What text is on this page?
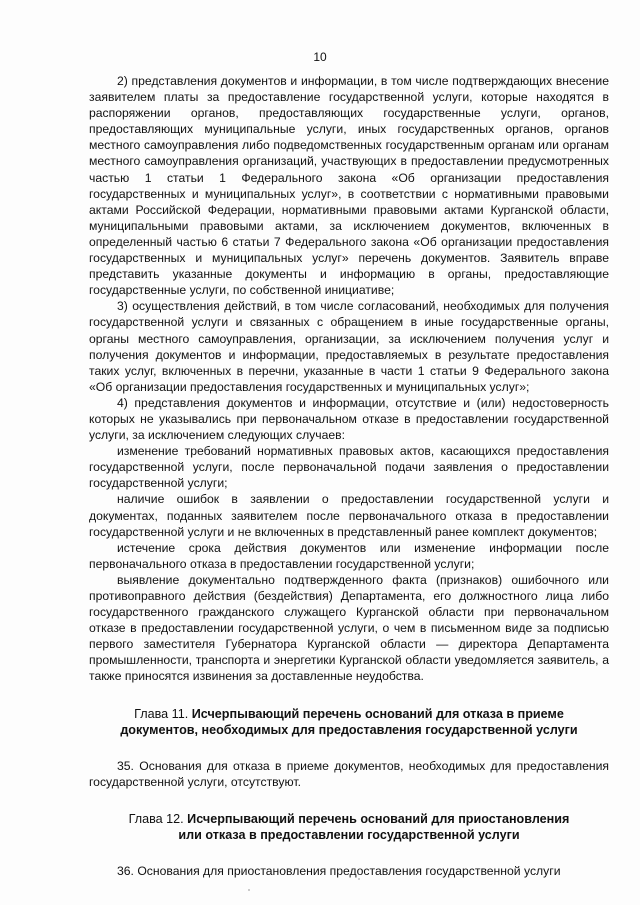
10

2) представления документов и информации, в том числе подтверждающих внесение заявителем платы за предоставление государственной услуги, которые находятся в распоряжении органов, предоставляющих государственные услуги, органов, предоставляющих муниципальные услуги, иных государственных органов, органов местного самоуправления либо подведомственных государственным органам или органам местного самоуправления организаций, участвующих в предоставлении предусмотренных частью 1 статьи 1 Федерального закона «Об организации предоставления государственных и муниципальных услуг», в соответствии с нормативными правовыми актами Российской Федерации, нормативными правовыми актами Курганской области, муниципальными правовыми актами, за исключением документов, включенных в определенный частью 6 статьи 7 Федерального закона «Об организации предоставления государственных и муниципальных услуг» перечень документов. Заявитель вправе представить указанные документы и информацию в органы, предоставляющие государственные услуги, по собственной инициативе;

3) осуществления действий, в том числе согласований, необходимых для получения государственной услуги и связанных с обращением в иные государственные органы, органы местного самоуправления, организации, за исключением получения услуг и получения документов и информации, предоставляемых в результате предоставления таких услуг, включенных в перечни, указанные в части 1 статьи 9 Федерального закона «Об организации предоставления государственных и муниципальных услуг»;

4) представления документов и информации, отсутствие и (или) недостоверность которых не указывались при первоначальном отказе в предоставлении государственной услуги, за исключением следующих случаев:

изменение требований нормативных правовых актов, касающихся предоставления государственной услуги, после первоначальной подачи заявления о предоставлении государственной услуги;

наличие ошибок в заявлении о предоставлении государственной услуги и документах, поданных заявителем после первоначального отказа в предоставлении государственной услуги и не включенных в представленный ранее комплект документов;

истечение срока действия документов или изменение информации после первоначального отказа в предоставлении государственной услуги;

выявление документально подтвержденного факта (признаков) ошибочного или противоправного действия (бездействия) Департамента, его должностного лица либо государственного гражданского служащего Курганской области при первоначальном отказе в предоставлении государственной услуги, о чем в письменном виде за подписью первого заместителя Губернатора Курганской области — директора Департамента промышленности, транспорта и энергетики Курганской области уведомляется заявитель, а также приносятся извинения за доставленные неудобства.

Глава 11. Исчерпывающий перечень оснований для отказа в приеме
документов, необходимых для предоставления государственной услуги

35. Основания для отказа в приеме документов, необходимых для предоставления государственной услуги, отсутствуют.

Глава 12. Исчерпывающий перечень оснований для приостановления
или отказа в предоставлении государственной услуги

36. Основания для приостановления предоставления государственной услуги
